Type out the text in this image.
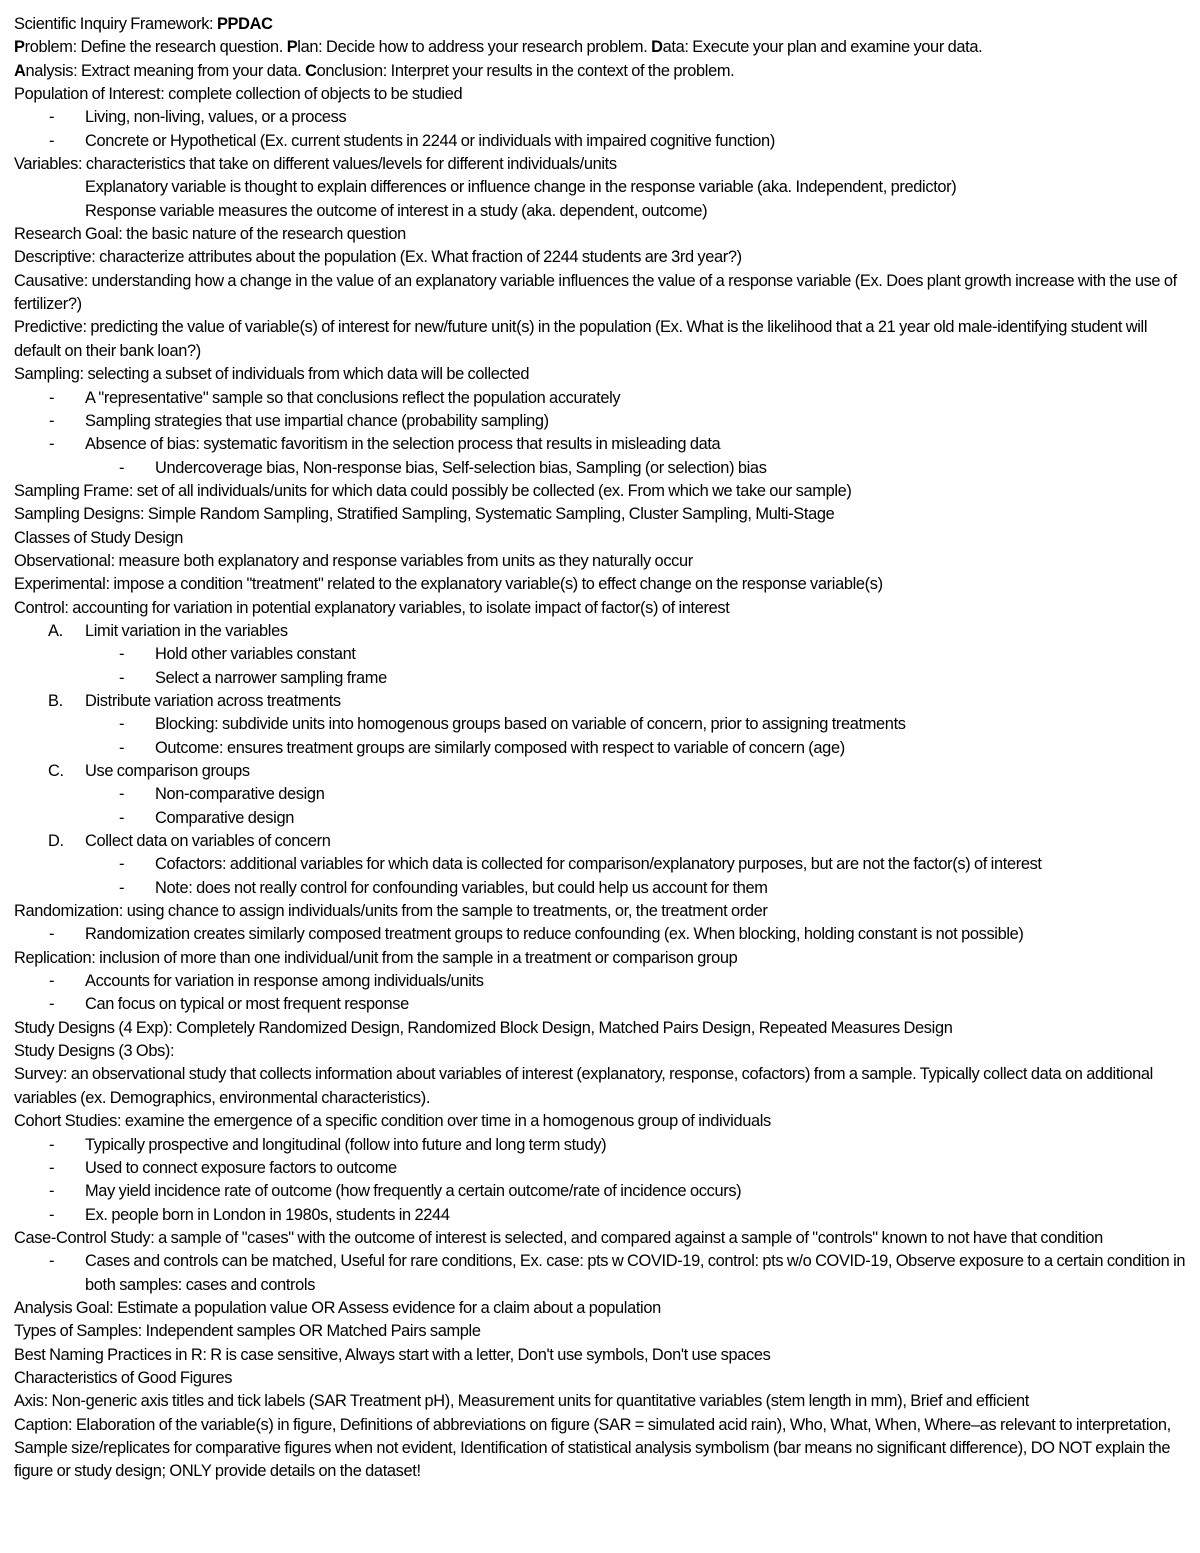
Scientific Inquiry Framework: PPDAC
Problem: Define the research question. Plan: Decide how to address your research problem. Data: Execute your plan and examine your data.
Analysis: Extract meaning from your data. Conclusion: Interpret your results in the context of the problem.
Population of Interest: complete collection of objects to be studied
- Living, non-living, values, or a process
- Concrete or Hypothetical (Ex. current students in 2244 or individuals with impaired cognitive function)
Variables: characteristics that take on different values/levels for different individuals/units
Explanatory variable is thought to explain differences or influence change in the response variable (aka. Independent, predictor)
Response variable measures the outcome of interest in a study (aka. dependent, outcome)
Research Goal: the basic nature of the research question
Descriptive: characterize attributes about the population (Ex. What fraction of 2244 students are 3rd year?)
Causative: understanding how a change in the value of an explanatory variable influences the value of a response variable (Ex. Does plant growth increase with the use of fertilizer?)
Predictive: predicting the value of variable(s) of interest for new/future unit(s) in the population (Ex. What is the likelihood that a 21 year old male-identifying student will default on their bank loan?)
Sampling: selecting a subset of individuals from which data will be collected
- A "representative" sample so that conclusions reflect the population accurately
- Sampling strategies that use impartial chance (probability sampling)
- Absence of bias: systematic favoritism in the selection process that results in misleading data
- Undercoverage bias, Non-response bias, Self-selection bias, Sampling (or selection) bias
Sampling Frame: set of all individuals/units for which data could possibly be collected (ex. From which we take our sample)
Sampling Designs: Simple Random Sampling, Stratified Sampling, Systematic Sampling, Cluster Sampling, Multi-Stage
Classes of Study Design
Observational: measure both explanatory and response variables from units as they naturally occur
Experimental: impose a condition "treatment" related to the explanatory variable(s) to effect change on the response variable(s)
Control: accounting for variation in potential explanatory variables, to isolate impact of factor(s) of interest
A. Limit variation in the variables
- Hold other variables constant
- Select a narrower sampling frame
B. Distribute variation across treatments
- Blocking: subdivide units into homogenous groups based on variable of concern, prior to assigning treatments
- Outcome: ensures treatment groups are similarly composed with respect to variable of concern (age)
C. Use comparison groups
- Non-comparative design
- Comparative design
D. Collect data on variables of concern
- Cofactors: additional variables for which data is collected for comparison/explanatory purposes, but are not the factor(s) of interest
- Note: does not really control for confounding variables, but could help us account for them
Randomization: using chance to assign individuals/units from the sample to treatments, or, the treatment order
- Randomization creates similarly composed treatment groups to reduce confounding (ex. When blocking, holding constant is not possible)
Replication: inclusion of more than one individual/unit from the sample in a treatment or comparison group
- Accounts for variation in response among individuals/units
- Can focus on typical or most frequent response
Study Designs (4 Exp): Completely Randomized Design, Randomized Block Design, Matched Pairs Design, Repeated Measures Design
Study Designs (3 Obs):
Survey: an observational study that collects information about variables of interest (explanatory, response, cofactors) from a sample. Typically collect data on additional variables (ex. Demographics, environmental characteristics).
Cohort Studies: examine the emergence of a specific condition over time in a homogenous group of individuals
- Typically prospective and longitudinal (follow into future and long term study)
- Used to connect exposure factors to outcome
- May yield incidence rate of outcome (how frequently a certain outcome/rate of incidence occurs)
- Ex. people born in London in 1980s, students in 2244
Case-Control Study: a sample of "cases" with the outcome of interest is selected, and compared against a sample of "controls" known to not have that condition
- Cases and controls can be matched, Useful for rare conditions, Ex. case: pts w COVID-19, control: pts w/o COVID-19, Observe exposure to a certain condition in both samples: cases and controls
Analysis Goal: Estimate a population value OR Assess evidence for a claim about a population
Types of Samples: Independent samples OR Matched Pairs sample
Best Naming Practices in R: R is case sensitive, Always start with a letter, Don't use symbols, Don't use spaces
Characteristics of Good Figures
Axis: Non-generic axis titles and tick labels (SAR Treatment pH), Measurement units for quantitative variables (stem length in mm), Brief and efficient
Caption: Elaboration of the variable(s) in figure, Definitions of abbreviations on figure (SAR = simulated acid rain), Who, What, When, Where–as relevant to interpretation, Sample size/replicates for comparative figures when not evident, Identification of statistical analysis symbolism (bar means no significant difference), DO NOT explain the figure or study design; ONLY provide details on the dataset!
